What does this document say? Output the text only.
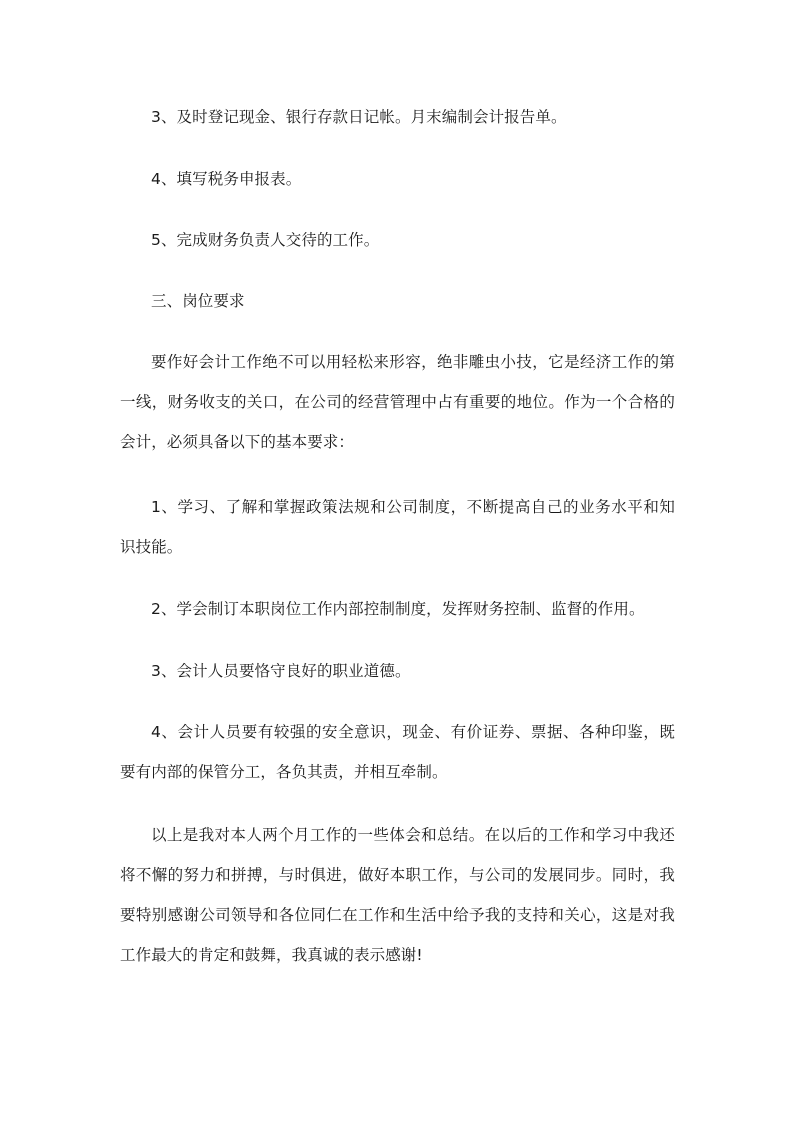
3、及时登记现金、银行存款日记帐。月末编制会计报告单。

4、填写税务申报表。

5、完成财务负责人交待的工作。

三、岗位要求

要作好会计工作绝不可以用轻松来形容，绝非雕虫小技，它是经济工作的第一线，财务收支的关口，在公司的经营管理中占有重要的地位。作为一个合格的会计，必须具备以下的基本要求：

1、学习、了解和掌握政策法规和公司制度，不断提高自己的业务水平和知识技能。

2、学会制订本职岗位工作内部控制制度，发挥财务控制、监督的作用。

3、会计人员要恪守良好的职业道德。

4、会计人员要有较强的安全意识，现金、有价证券、票据、各种印鉴，既要有内部的保管分工，各负其责，并相互牵制。

以上是我对本人两个月工作的一些体会和总结。在以后的工作和学习中我还将不懈的努力和拼搏，与时俱进，做好本职工作，与公司的发展同步。同时，我要特别感谢公司领导和各位同仁在工作和生活中给予我的支持和关心，这是对我工作最大的肯定和鼓舞，我真诚的表示感谢!
